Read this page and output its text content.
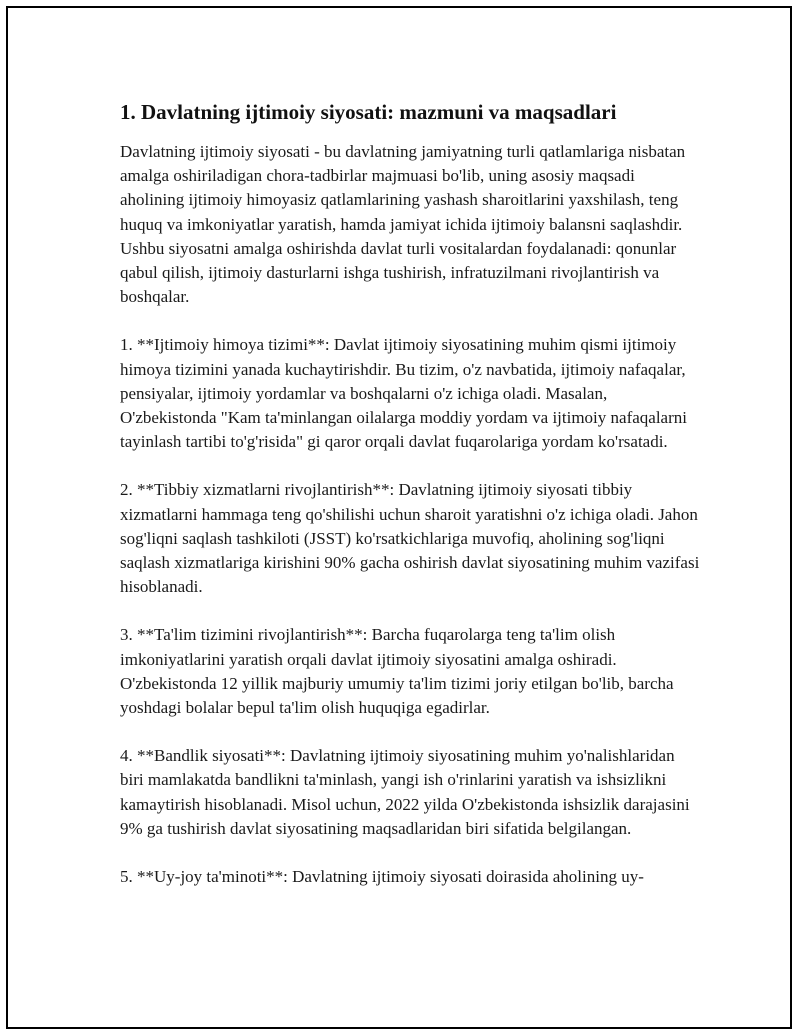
1. Davlatning ijtimoiy siyosati: mazmuni va maqsadlari

Davlatning ijtimoiy siyosati - bu davlatning jamiyatning turli qatlamlariga nisbatan amalga oshiriladigan chora-tadbirlar majmuasi bo'lib, uning asosiy maqsadi aholining ijtimoiy himoyasiz qatlamlarining yashash sharoitlarini yaxshilash, teng huquq va imkoniyatlar yaratish, hamda jamiyat ichida ijtimoiy balansni saqlashdir. Ushbu siyosatni amalga oshirishda davlat turli vositalardan foydalanadi: qonunlar qabul qilish, ijtimoiy dasturlarni ishga tushirish, infratuzilmani rivojlantirish va boshqalar.

1. **Ijtimoiy himoya tizimi**: Davlat ijtimoiy siyosatining muhim qismi ijtimoiy himoya tizimini yanada kuchaytirishdir. Bu tizim, o'z navbatida, ijtimoiy nafaqalar, pensiyalar, ijtimoiy yordamlar va boshqalarni o'z ichiga oladi. Masalan, O'zbekistonda "Kam ta'minlangan oilalarga moddiy yordam va ijtimoiy nafaqalarni tayinlash tartibi to'g'risida" gi qaror orqali davlat fuqarolariga yordam ko'rsatadi.

2. **Tibbiy xizmatlarni rivojlantirish**: Davlatning ijtimoiy siyosati tibbiy xizmatlarni hammaga teng qo'shilishi uchun sharoit yaratishni o'z ichiga oladi. Jahon sog'liqni saqlash tashkiloti (JSST) ko'rsatkichlariga muvofiq, aholining sog'liqni saqlash xizmatlariga kirishini 90% gacha oshirish davlat siyosatining muhim vazifasi hisoblanadi.

3. **Ta'lim tizimini rivojlantirish**: Barcha fuqarolarga teng ta'lim olish imkoniyatlarini yaratish orqali davlat ijtimoiy siyosatini amalga oshiradi. O'zbekistonda 12 yillik majburiy umumiy ta'lim tizimi joriy etilgan bo'lib, barcha yoshdagi bolalar bepul ta'lim olish huquqiga egadirlar.

4. **Bandlik siyosati**: Davlatning ijtimoiy siyosatining muhim yo'nalishlaridan biri mamlakatda bandlikni ta'minlash, yangi ish o'rinlarini yaratish va ishsizlikni kamaytirish hisoblanadi. Misol uchun, 2022 yilda O'zbekistonda ishsizlik darajasini 9% ga tushirish davlat siyosatining maqsadlaridan biri sifatida belgilangan.

5. **Uy-joy ta'minoti**: Davlatning ijtimoiy siyosati doirasida aholining uy-
